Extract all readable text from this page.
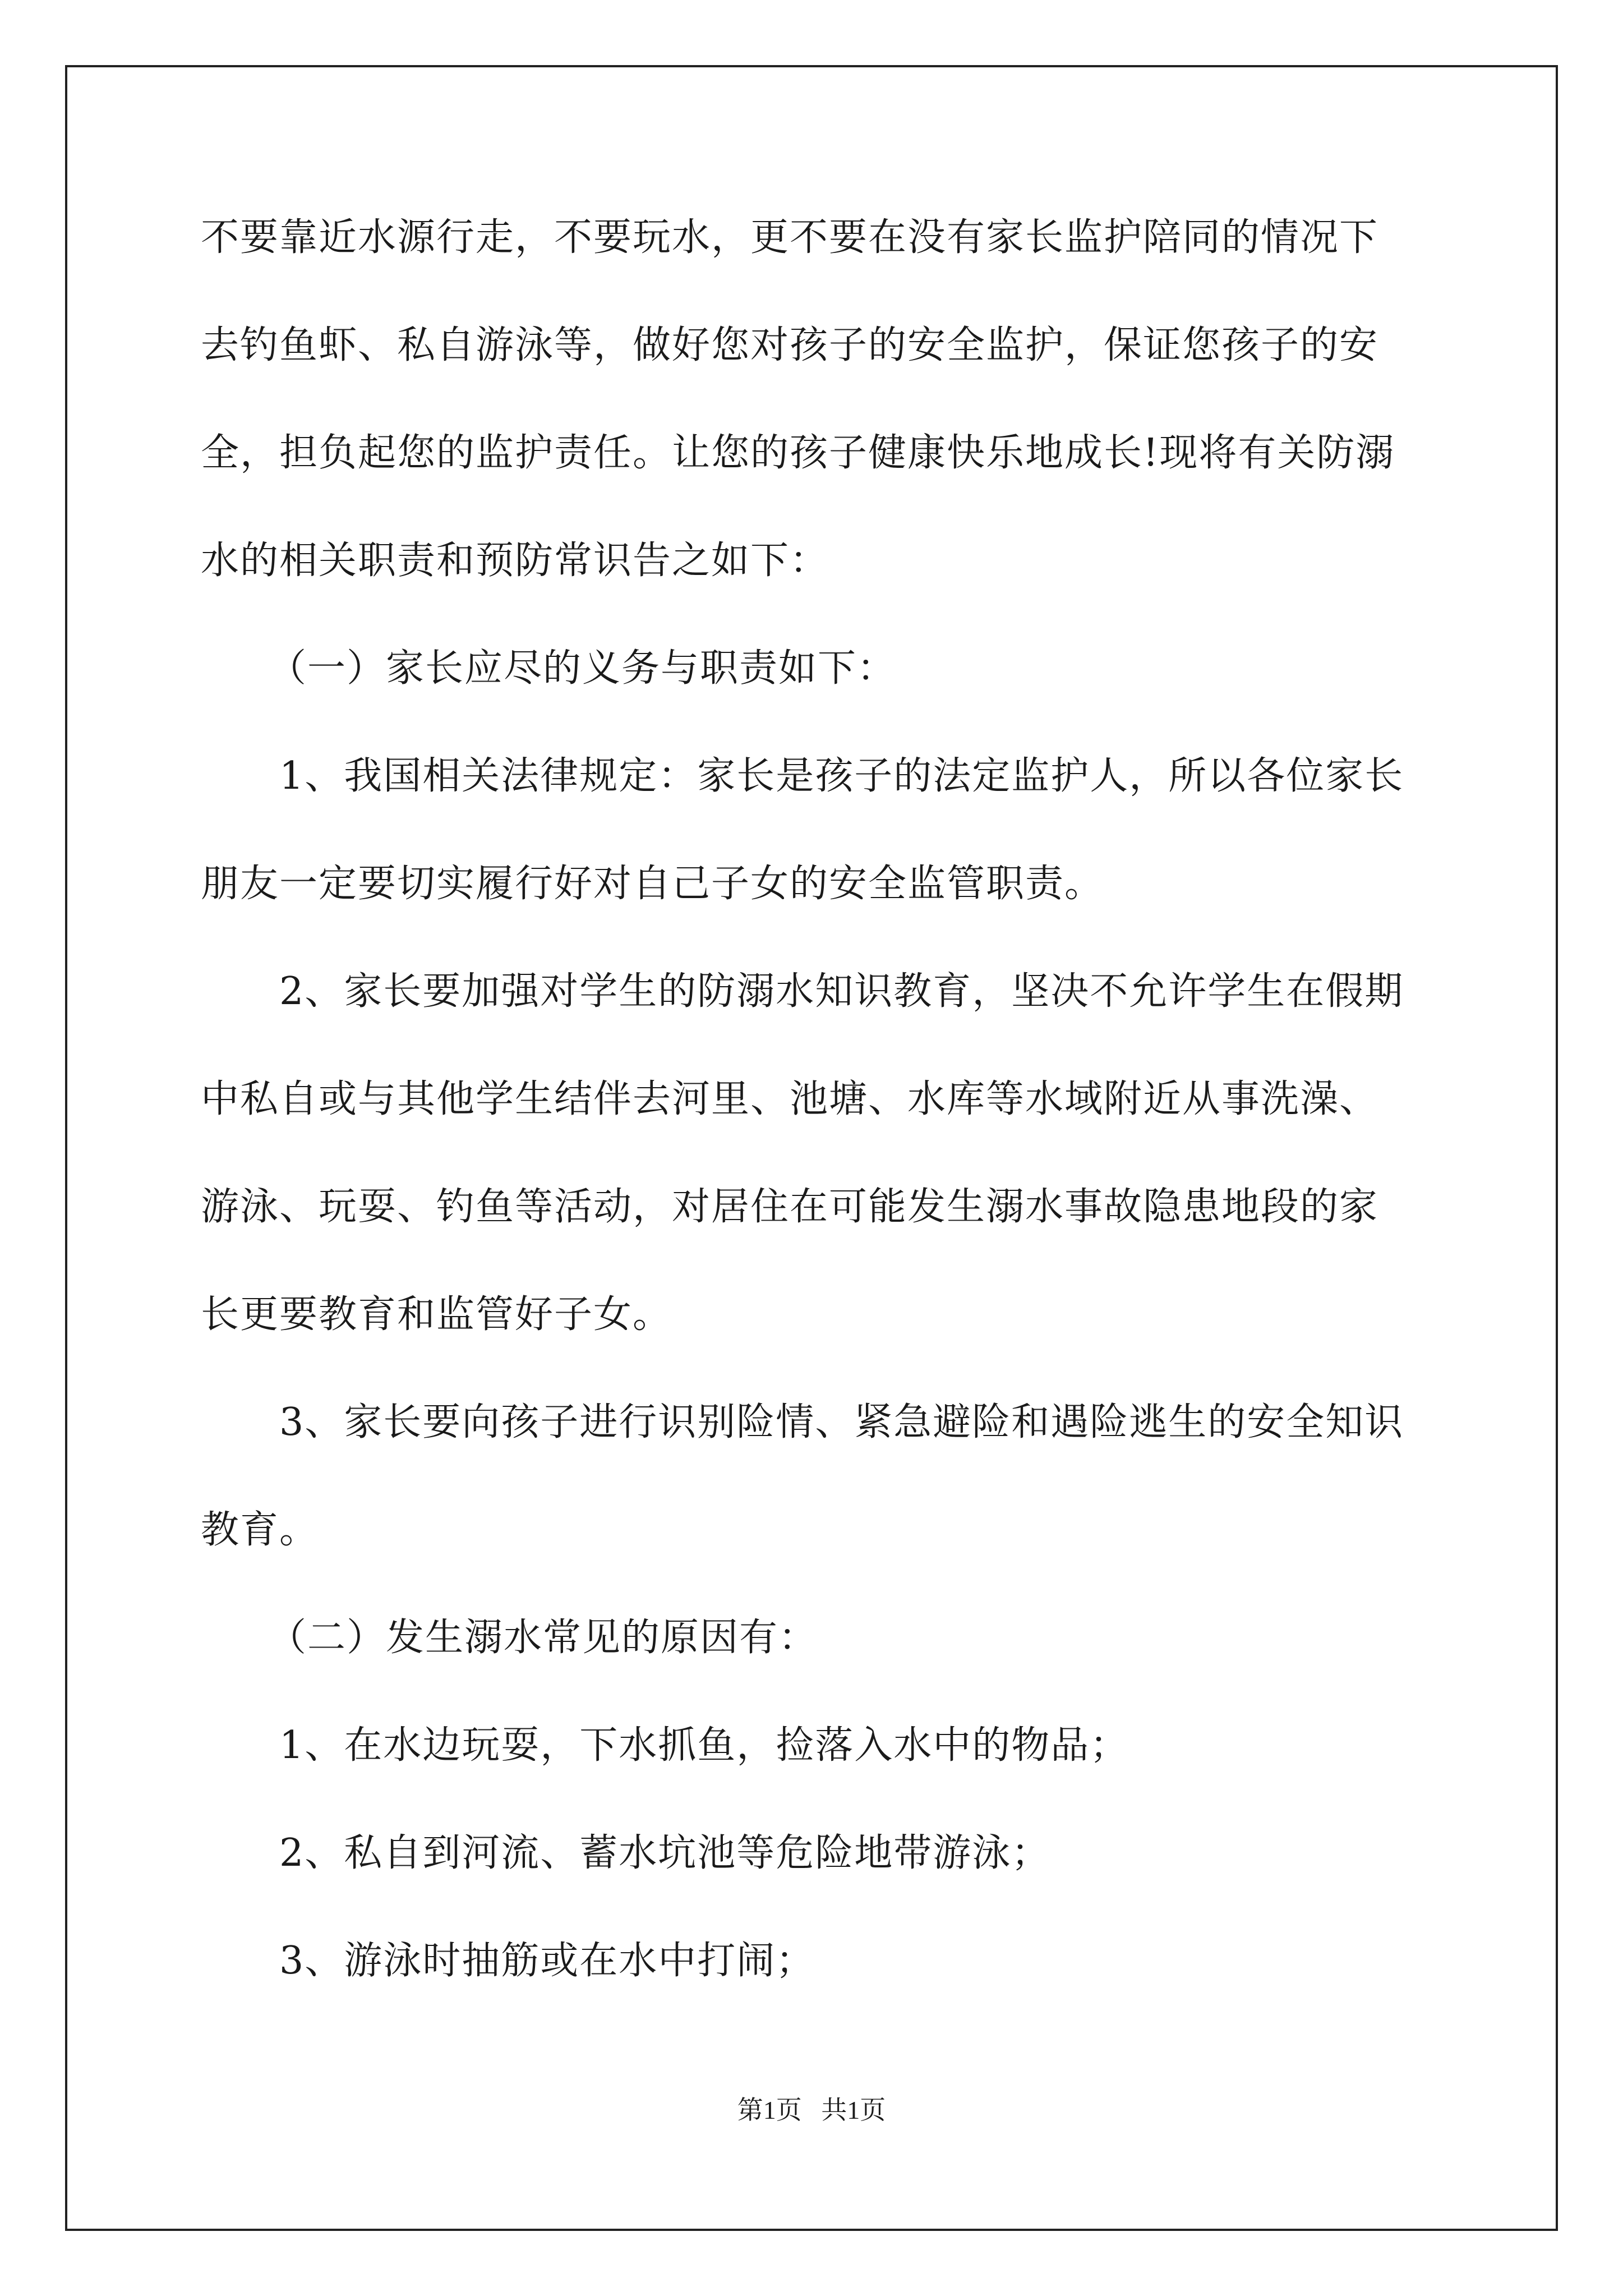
不要靠近水源行走，不要玩水，更不要在没有家长监护陪同的情况下
去钓鱼虾、私自游泳等，做好您对孩子的安全监护，保证您孩子的安
全，担负起您的监护责任。让您的孩子健康快乐地成长!现将有关防溺
水的相关职责和预防常识告之如下：
（一）家长应尽的义务与职责如下：
1、我国相关法律规定：家长是孩子的法定监护人，所以各位家长
朋友一定要切实履行好对自己子女的安全监管职责。
2、家长要加强对学生的防溺水知识教育，坚决不允许学生在假期
中私自或与其他学生结伴去河里、池塘、水库等水域附近从事洗澡、
游泳、玩耍、钓鱼等活动，对居住在可能发生溺水事故隐患地段的家
长更要教育和监管好子女。
3、家长要向孩子进行识别险情、紧急避险和遇险逃生的安全知识
教育。
（二）发生溺水常见的原因有：
1、在水边玩耍，下水抓鱼，捡落入水中的物品；
2、私自到河流、蓄水坑池等危险地带游泳；
3、游泳时抽筋或在水中打闹；
第1页   共1页
